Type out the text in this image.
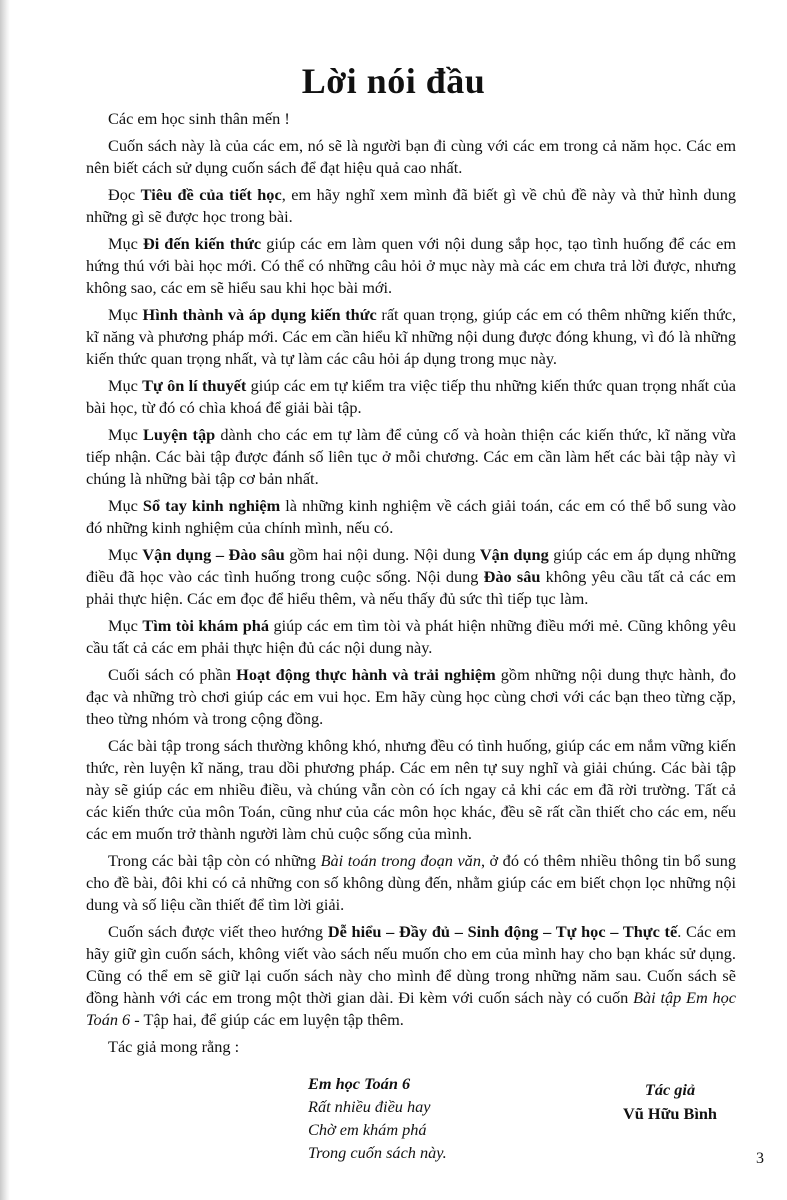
Lời nói đầu

Các em học sinh thân mến !

Cuốn sách này là của các em, nó sẽ là người bạn đi cùng với các em trong cả năm học. Các em nên biết cách sử dụng cuốn sách để đạt hiệu quả cao nhất.

Đọc Tiêu đề của tiết học, em hãy nghĩ xem mình đã biết gì về chủ đề này và thử hình dung những gì sẽ được học trong bài.

Mục Đi đến kiến thức giúp các em làm quen với nội dung sắp học, tạo tình huống để các em hứng thú với bài học mới. Có thể có những câu hỏi ở mục này mà các em chưa trả lời được, nhưng không sao, các em sẽ hiểu sau khi học bài mới.

Mục Hình thành và áp dụng kiến thức rất quan trọng, giúp các em có thêm những kiến thức, kĩ năng và phương pháp mới. Các em cần hiểu kĩ những nội dung được đóng khung, vì đó là những kiến thức quan trọng nhất, và tự làm các câu hỏi áp dụng trong mục này.

Mục Tự ôn lí thuyết giúp các em tự kiểm tra việc tiếp thu những kiến thức quan trọng nhất của bài học, từ đó có chìa khoá để giải bài tập.

Mục Luyện tập dành cho các em tự làm để củng cố và hoàn thiện các kiến thức, kĩ năng vừa tiếp nhận. Các bài tập được đánh số liên tục ở mỗi chương. Các em cần làm hết các bài tập này vì chúng là những bài tập cơ bản nhất.

Mục Sổ tay kinh nghiệm là những kinh nghiệm về cách giải toán, các em có thể bổ sung vào đó những kinh nghiệm của chính mình, nếu có.

Mục Vận dụng – Đào sâu gồm hai nội dung. Nội dung Vận dụng giúp các em áp dụng những điều đã học vào các tình huống trong cuộc sống. Nội dung Đào sâu không yêu cầu tất cả các em phải thực hiện. Các em đọc để hiểu thêm, và nếu thấy đủ sức thì tiếp tục làm.

Mục Tìm tòi khám phá giúp các em tìm tòi và phát hiện những điều mới mẻ. Cũng không yêu cầu tất cả các em phải thực hiện đủ các nội dung này.

Cuối sách có phần Hoạt động thực hành và trải nghiệm gồm những nội dung thực hành, đo đạc và những trò chơi giúp các em vui học. Em hãy cùng học cùng chơi với các bạn theo từng cặp, theo từng nhóm và trong cộng đồng.

Các bài tập trong sách thường không khó, nhưng đều có tình huống, giúp các em nắm vững kiến thức, rèn luyện kĩ năng, trau dồi phương pháp. Các em nên tự suy nghĩ và giải chúng. Các bài tập này sẽ giúp các em nhiều điều, và chúng vẫn còn có ích ngay cả khi các em đã rời trường. Tất cả các kiến thức của môn Toán, cũng như của các môn học khác, đều sẽ rất cần thiết cho các em, nếu các em muốn trở thành người làm chủ cuộc sống của mình.

Trong các bài tập còn có những Bài toán trong đoạn văn, ở đó có thêm nhiều thông tin bổ sung cho đề bài, đôi khi có cả những con số không dùng đến, nhằm giúp các em biết chọn lọc những nội dung và số liệu cần thiết để tìm lời giải.

Cuốn sách được viết theo hướng Dễ hiểu – Đầy đủ – Sinh động – Tự học – Thực tế. Các em hãy giữ gìn cuốn sách, không viết vào sách nếu muốn cho em của mình hay cho bạn khác sử dụng. Cũng có thể em sẽ giữ lại cuốn sách này cho mình để dùng trong những năm sau. Cuốn sách sẽ đồng hành với các em trong một thời gian dài. Đi kèm với cuốn sách này có cuốn Bài tập Em học Toán 6 - Tập hai, để giúp các em luyện tập thêm.

Tác giả mong rằng :

Em học Toán 6
Rất nhiều điều hay
Chờ em khám phá
Trong cuốn sách này.
Tác giả
Vũ Hữu Bình
3
